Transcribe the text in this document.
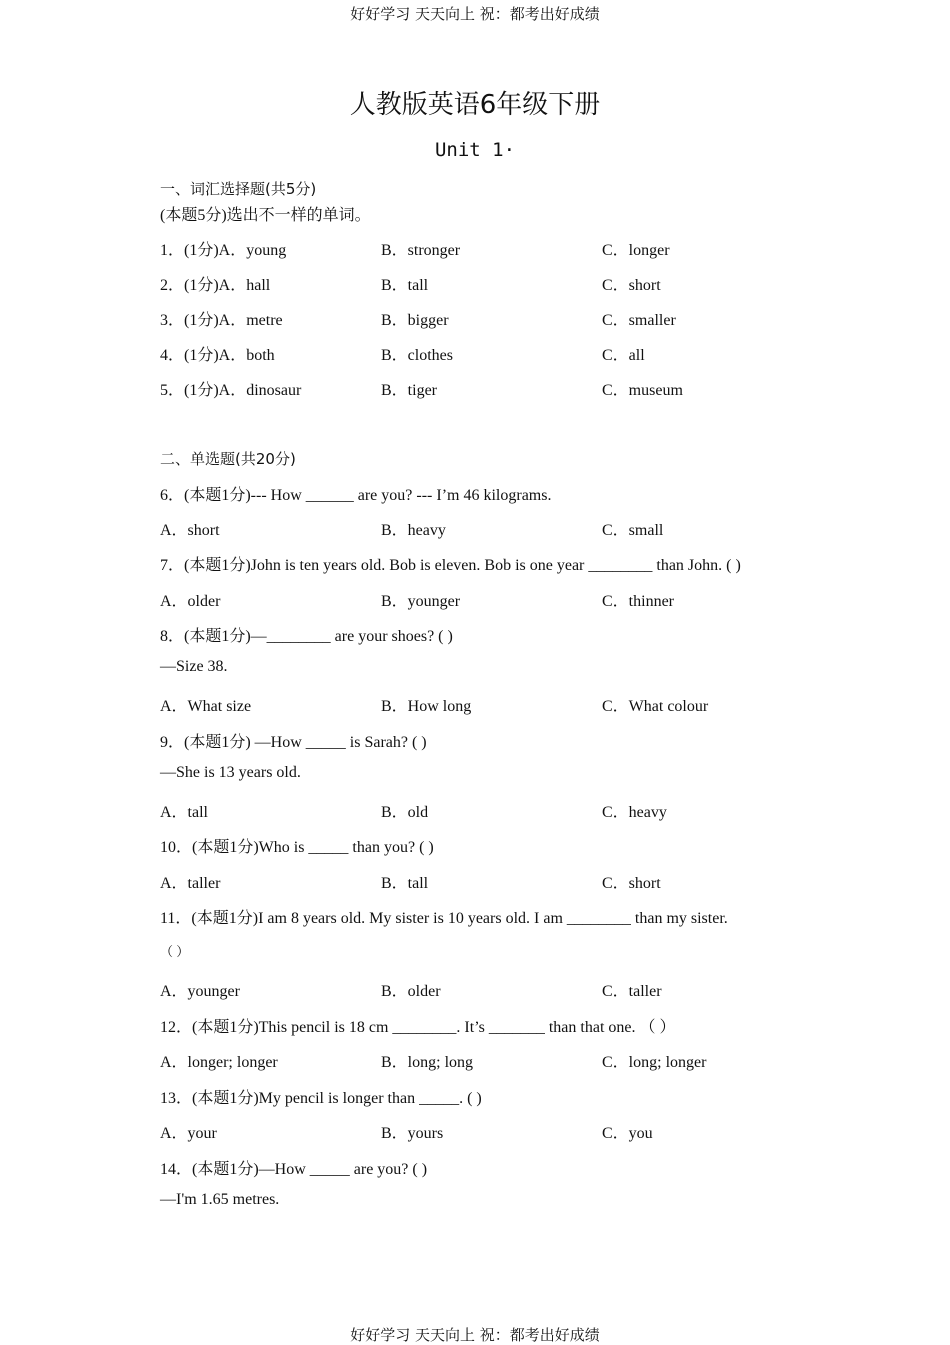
好好学习 天天向上 祝：都考出好成绩
人教版英语6年级下册
Unit 1·
一、词汇选择题(共5分)
(本题5分)选出不一样的单词。
1．(1分)A．young	B．stronger	C．longer
2．(1分)A．hall	B．tall	C．short
3．(1分)A．metre	B．bigger	C．smaller
4．(1分)A．both	B．clothes	C．all
5．(1分)A．dinosaur	B．tiger	C．museum
二、单选题(共20分)
6．(本题1分)--- How ______ are you? --- I’m 46 kilograms.
A．short	B．heavy	C．small
7．(本题1分)John is ten years old. Bob is eleven. Bob is one year ________ than John. ( )
A．older	B．younger	C．thinner
8．(本题1分)—________ are your shoes? ( )
—Size 38.
A．What size	B．How long	C．What colour
9．(本题1分) —How _____ is Sarah? ( )
—She is 13 years old.
A．tall	B．old	C．heavy
10．(本题1分)Who is _____ than you? ( )
A．taller	B．tall	C．short
11．(本题1分)I am 8 years old. My sister is 10 years old. I am ________ than my sister.
（ ）
A．younger	B．older	C．taller
12．(本题1分)This pencil is 18 cm ________. It’s _______ than that one. （ ）
A．longer; longer	B．long; long	C．long; longer
13．(本题1分)My pencil is longer than _____. ( )
A．your	B．yours	C．you
14．(本题1分)—How _____ are you? ( )
—I'm 1.65 metres.
好好学习 天天向上 祝：都考出好成绩
